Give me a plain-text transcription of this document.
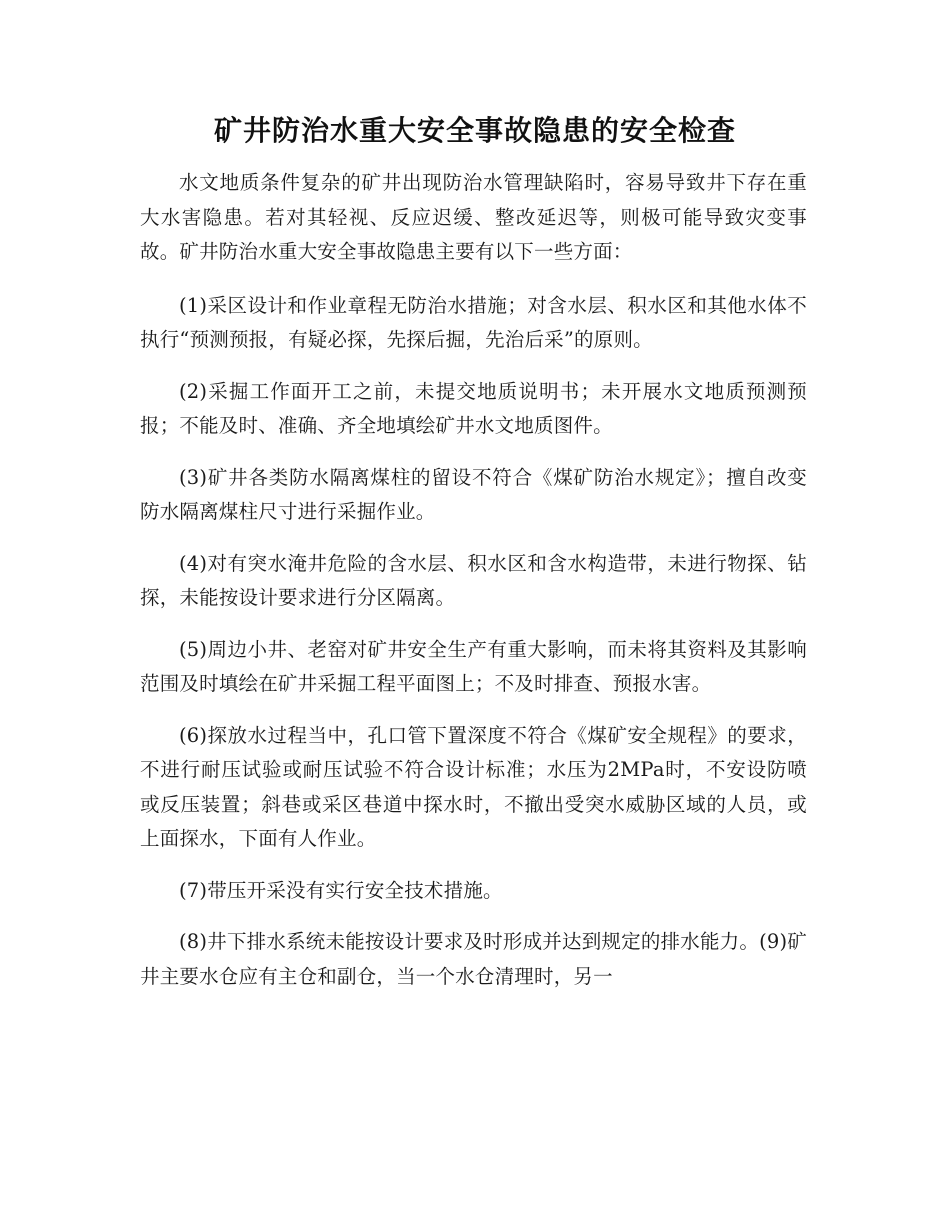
矿井防治水重大安全事故隐患的安全检查

水文地质条件复杂的矿井出现防治水管理缺陷时，容易导致井下存在重大水害隐患。若对其轻视、反应迟缓、整改延迟等，则极可能导致灾变事故。矿井防治水重大安全事故隐患主要有以下一些方面：

(1)采区设计和作业章程无防治水措施；对含水层、积水区和其他水体不执行“预测预报，有疑必探，先探后掘，先治后采”的原则。

(2)采掘工作面开工之前，未提交地质说明书；未开展水文地质预测预报；不能及时、准确、齐全地填绘矿井水文地质图件。

(3)矿井各类防水隔离煤柱的留设不符合《煤矿防治水规定》；擅自改变防水隔离煤柱尺寸进行采掘作业。

(4)对有突水淹井危险的含水层、积水区和含水构造带，未进行物探、钻探，未能按设计要求进行分区隔离。

(5)周边小井、老窑对矿井安全生产有重大影响，而未将其资料及其影响范围及时填绘在矿井采掘工程平面图上；不及时排查、预报水害。

(6)探放水过程当中，孔口管下置深度不符合《煤矿安全规程》的要求，不进行耐压试验或耐压试验不符合设计标准；水压为2MPa时，不安设防喷或反压装置；斜巷或采区巷道中探水时，不撤出受突水威胁区域的人员，或上面探水，下面有人作业。

(7)带压开采没有实行安全技术措施。

(8)井下排水系统未能按设计要求及时形成并达到规定的排水能力。(9)矿井主要水仓应有主仓和副仓，当一个水仓清理时，另一
